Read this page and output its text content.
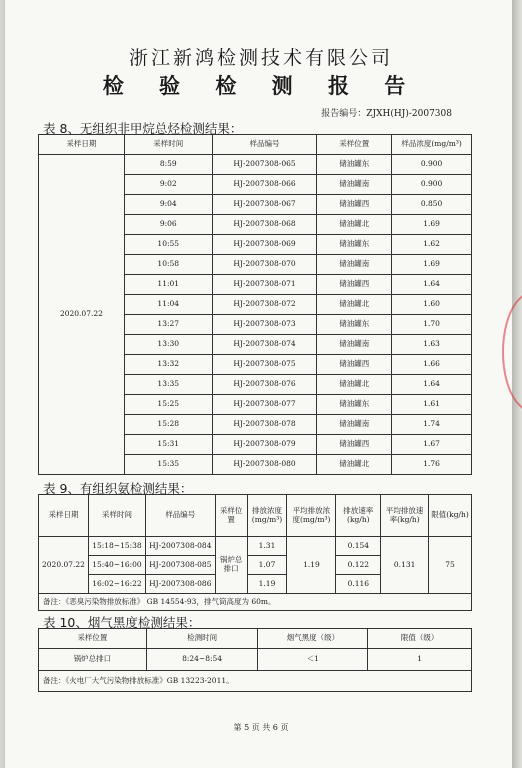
浙江新鸿检测技术有限公司
检 验 检 测 报 告
报告编号：ZJXH(HJ)-2007308
表 8、无组织非甲烷总烃检测结果：
采样日期	采样时间	样品编号	采样位置	样品浓度(mg/m³)
2020.07.22	8:59	HJ-2007308-065	储油罐东	0.900
	9:02	HJ-2007308-066	储油罐南	0.900
	9:04	HJ-2007308-067	储油罐西	0.850
	9:06	HJ-2007308-068	储油罐北	1.69
	10:55	HJ-2007308-069	储油罐东	1.62
	10:58	HJ-2007308-070	储油罐南	1.69
	11:01	HJ-2007308-071	储油罐西	1.64
	11:04	HJ-2007308-072	储油罐北	1.60
	13:27	HJ-2007308-073	储油罐东	1.70
	13:30	HJ-2007308-074	储油罐南	1.63
	13:32	HJ-2007308-075	储油罐西	1.66
	13:35	HJ-2007308-076	储油罐北	1.64
	15:25	HJ-2007308-077	储油罐东	1.61
	15:28	HJ-2007308-078	储油罐南	1.74
	15:31	HJ-2007308-079	储油罐西	1.67
	15:35	HJ-2007308-080	储油罐北	1.76
表 9、有组织氨检测结果：
采样日期	采样时间	样品编号	采样位置	排放浓度(mg/m³)	平均排放浓度(mg/m³)	排放速率(kg/h)	平均排放速率(kg/h)	限值(kg/h)
2020.07.22	15:18~15:38	HJ-2007308-084	锅炉总排口	1.31	1.19	0.154	0.131	75
	15:40~16:00	HJ-2007308-085		1.07		0.122		
	16:02~16:22	HJ-2007308-086		1.19		0.116		
备注：《恶臭污染物排放标准》 GB 14554-93，排气筒高度为 60m。								
表 10、烟气黑度检测结果：
采样位置	检测时间	烟气黑度（级）	限值（级）
锅炉总排口	8:24~8:54	＜1	1
备注：《火电厂大气污染物排放标准》GB 13223-2011。			
第 5 页 共 6 页
